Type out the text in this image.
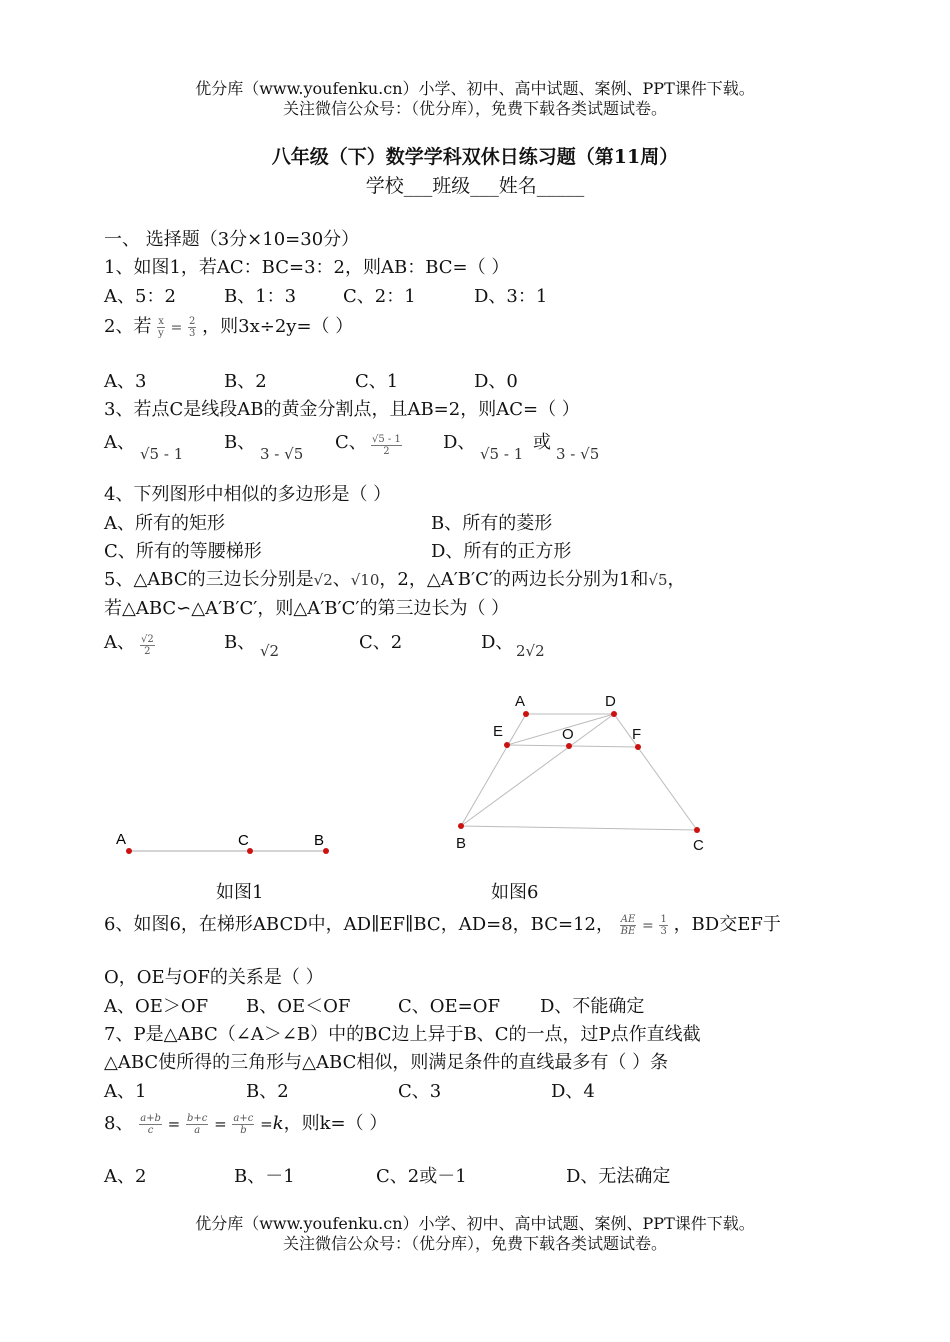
优分库（www.youfenku.cn）小学、初中、高中试题、案例、PPT课件下载。
关注微信公众号：（优分库），免费下载各类试题试卷。
八年级（下）数学学科双休日练习题（第11周）
学校___班级___姓名_____
一、 选择题（3分×10=30分）
1、如图1，若AC：BC=3：2，则AB：BC=（ ）
A、5：2	B、1：3	C、2：1	D、3：1
2、若 $\frac{x}{y} = \frac{2}{3}$ ，则3x÷2y=（ ）
A、3	B、2	C、1	D、0
3、若点C是线段AB的黄金分割点，且AB=2，则AC=（ ）
A、
√5 - 1
B、
3 - √5
C、 $\frac{√5 - 1}{2}$ D、
√5 - 1
或
3 - √5
4、下列图形中相似的多边形是（ ）
A、所有的矩形	B、所有的菱形
C、所有的等腰梯形	D、所有的正方形
5、△ABC的三边长分别是√2、√10，2，△A′B′C′的两边长分别为1和√5，
若△ABC∽△A′B′C′，则△A′B′C′的第三边长为（ ）
A、 $\frac{√2}{2}$	B、 √2	C、2	D、 2√2
A	C	B
如图1
A	D
E	O	F
B	C
如图6
6、如图6，在梯形ABCD中，AD∥EF∥BC，AD=8，BC=12， $\frac{AE}{BE} = \frac{1}{3}$ ，BD交EF于
O，OE与OF的关系是（ ）
A、OE＞OF B、OE＜OF	C、OE=OF D、不能确定
7、P是△ABC（∠A＞∠B）中的BC边上异于B、C的一点，过P点作直线截
△ABC使所得的三角形与△ABC相似，则满足条件的直线最多有（ ）条
A、1	B、2	C、3	D、4
8、 $\frac{a+b}{c} = \frac{b+c}{a} = \frac{a+c}{b} =k$，则k=（ ）
A、2	B、－1	C、2或－1	D、无法确定
优分库（www.youfenku.cn）小学、初中、高中试题、案例、PPT课件下载。
关注微信公众号：（优分库），免费下载各类试题试卷。
